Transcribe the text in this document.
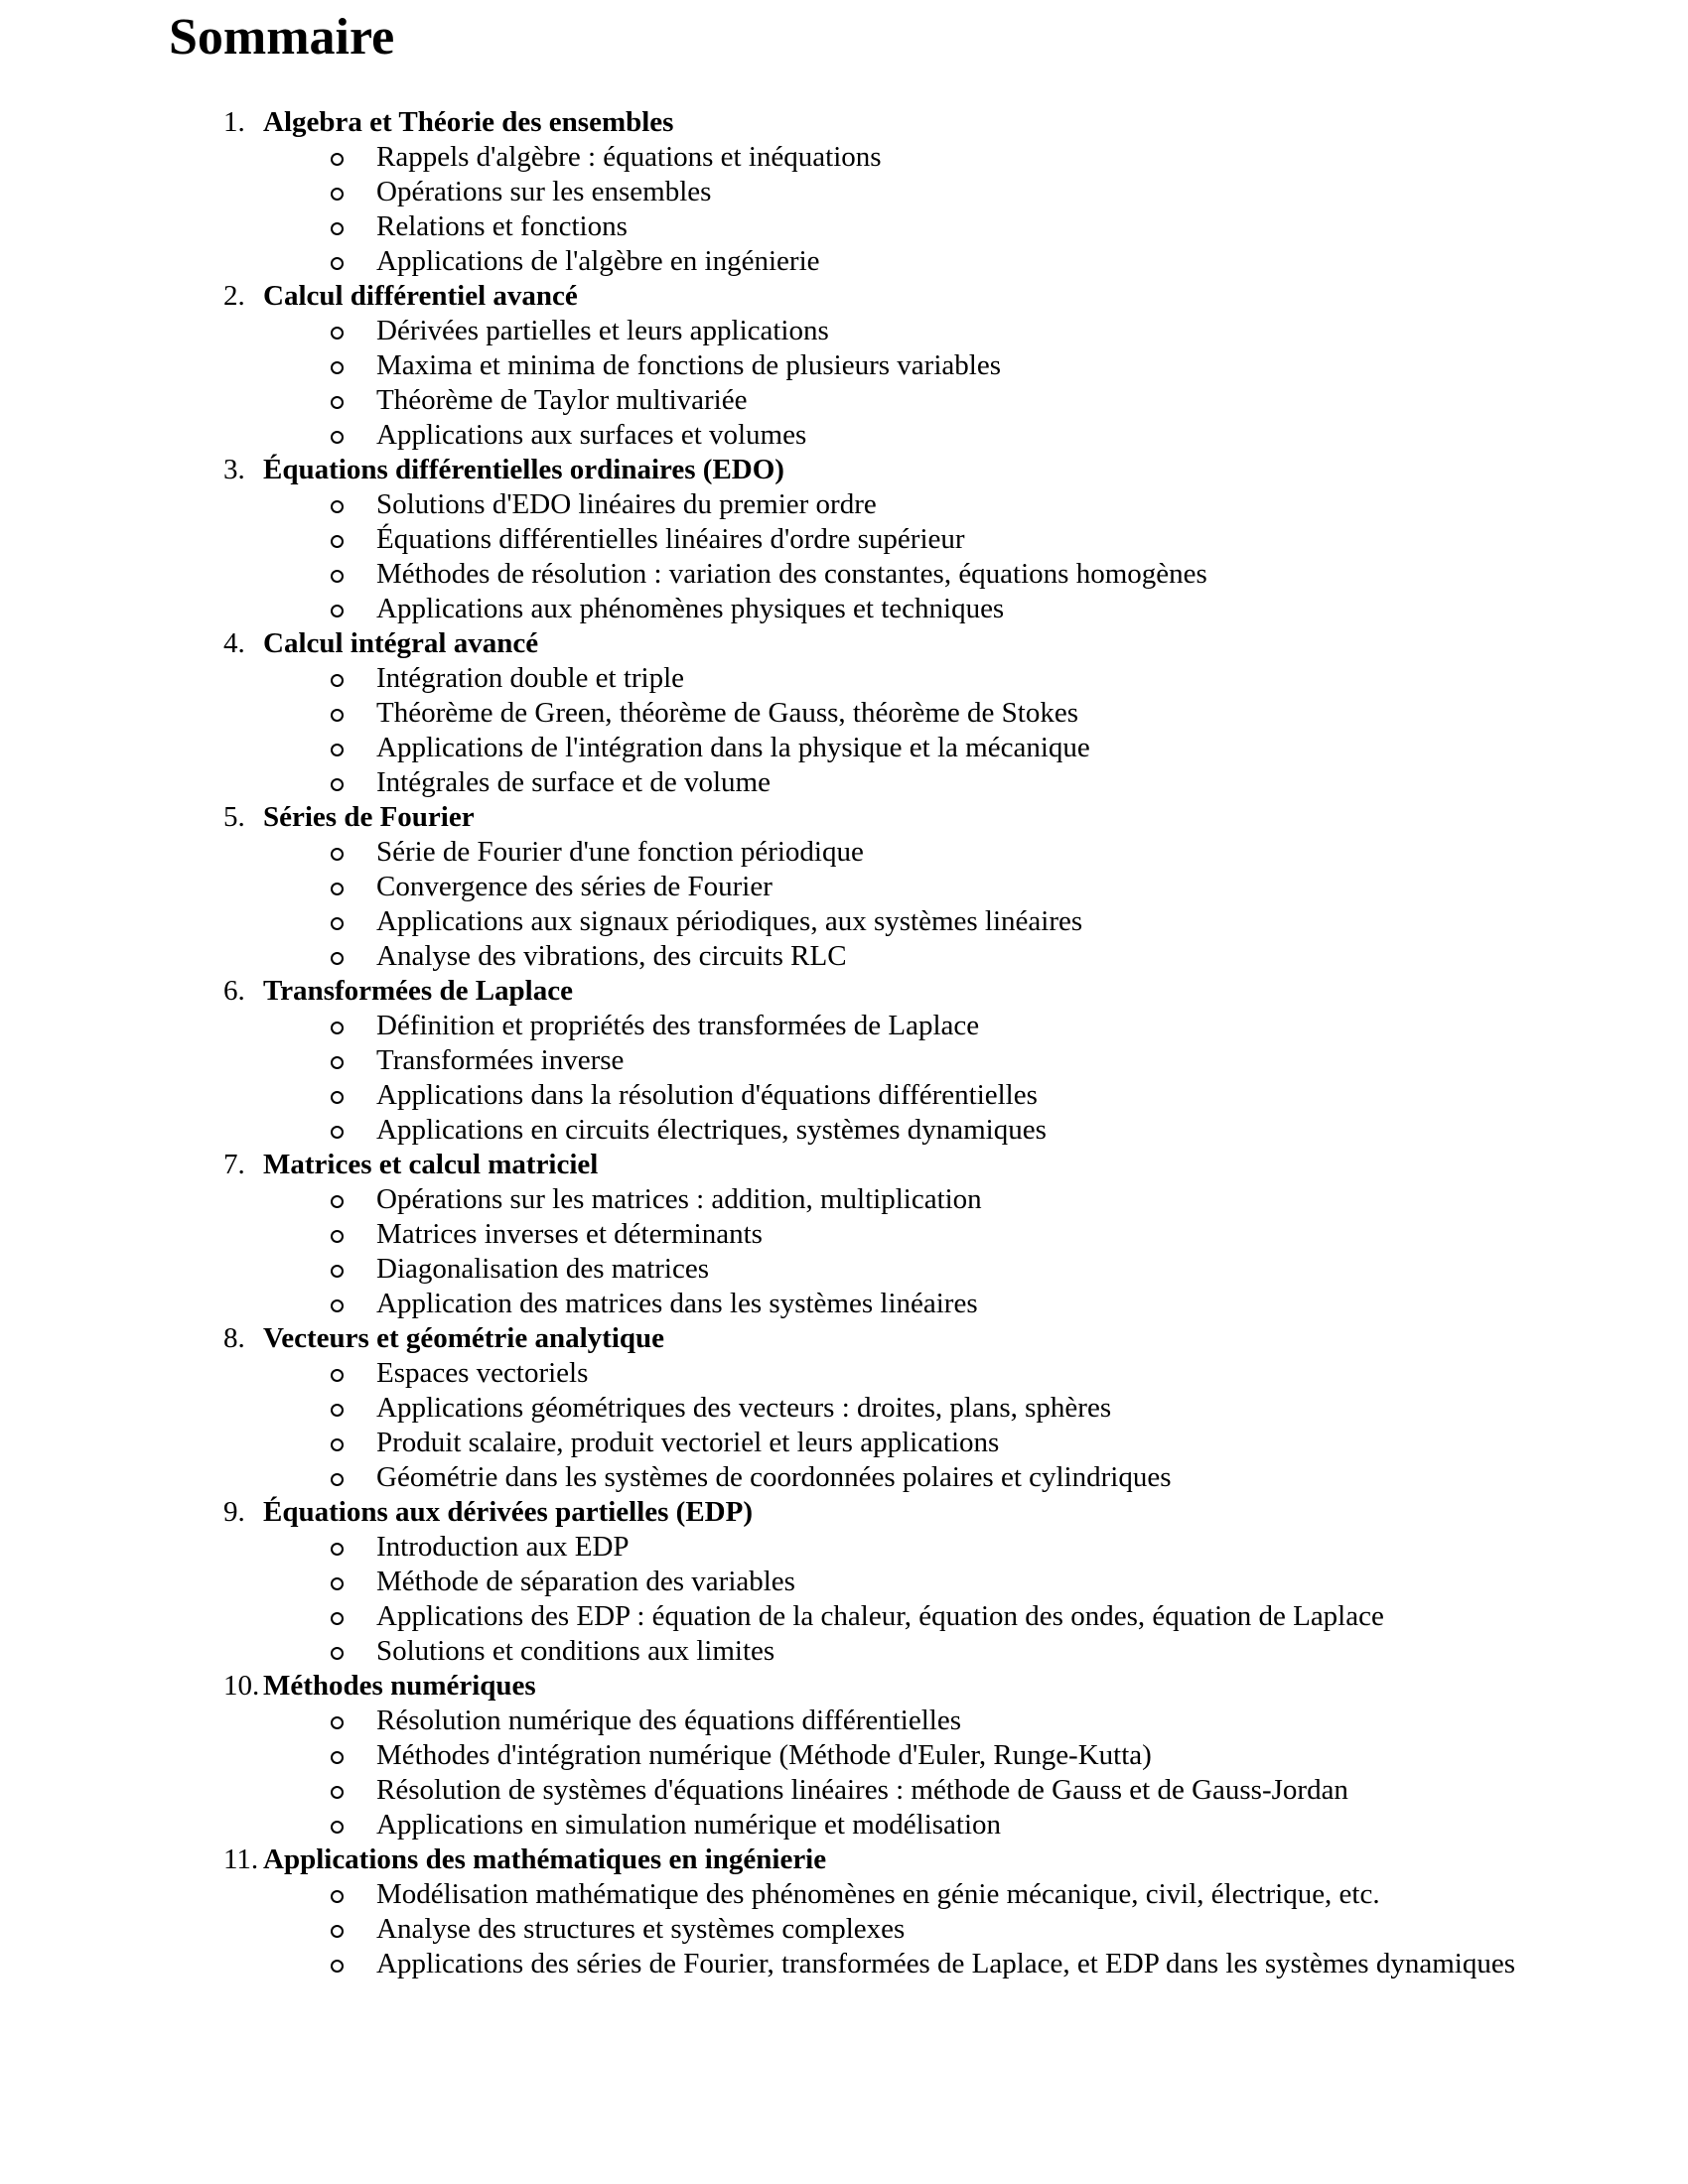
Sommaire
1. Algebra et Théorie des ensembles
Rappels d'algèbre : équations et inéquations
Opérations sur les ensembles
Relations et fonctions
Applications de l'algèbre en ingénierie
2. Calcul différentiel avancé
Dérivées partielles et leurs applications
Maxima et minima de fonctions de plusieurs variables
Théorème de Taylor multivariée
Applications aux surfaces et volumes
3. Équations différentielles ordinaires (EDO)
Solutions d'EDO linéaires du premier ordre
Équations différentielles linéaires d'ordre supérieur
Méthodes de résolution : variation des constantes, équations homogènes
Applications aux phénomènes physiques et techniques
4. Calcul intégral avancé
Intégration double et triple
Théorème de Green, théorème de Gauss, théorème de Stokes
Applications de l'intégration dans la physique et la mécanique
Intégrales de surface et de volume
5. Séries de Fourier
Série de Fourier d'une fonction périodique
Convergence des séries de Fourier
Applications aux signaux périodiques, aux systèmes linéaires
Analyse des vibrations, des circuits RLC
6. Transformées de Laplace
Définition et propriétés des transformées de Laplace
Transformées inverse
Applications dans la résolution d'équations différentielles
Applications en circuits électriques, systèmes dynamiques
7. Matrices et calcul matriciel
Opérations sur les matrices : addition, multiplication
Matrices inverses et déterminants
Diagonalisation des matrices
Application des matrices dans les systèmes linéaires
8. Vecteurs et géométrie analytique
Espaces vectoriels
Applications géométriques des vecteurs : droites, plans, sphères
Produit scalaire, produit vectoriel et leurs applications
Géométrie dans les systèmes de coordonnées polaires et cylindriques
9. Équations aux dérivées partielles (EDP)
Introduction aux EDP
Méthode de séparation des variables
Applications des EDP : équation de la chaleur, équation des ondes, équation de Laplace
Solutions et conditions aux limites
10. Méthodes numériques
Résolution numérique des équations différentielles
Méthodes d'intégration numérique (Méthode d'Euler, Runge-Kutta)
Résolution de systèmes d'équations linéaires : méthode de Gauss et de Gauss-Jordan
Applications en simulation numérique et modélisation
11. Applications des mathématiques en ingénierie
Modélisation mathématique des phénomènes en génie mécanique, civil, électrique, etc.
Analyse des structures et systèmes complexes
Applications des séries de Fourier, transformées de Laplace, et EDP dans les systèmes dynamiques
